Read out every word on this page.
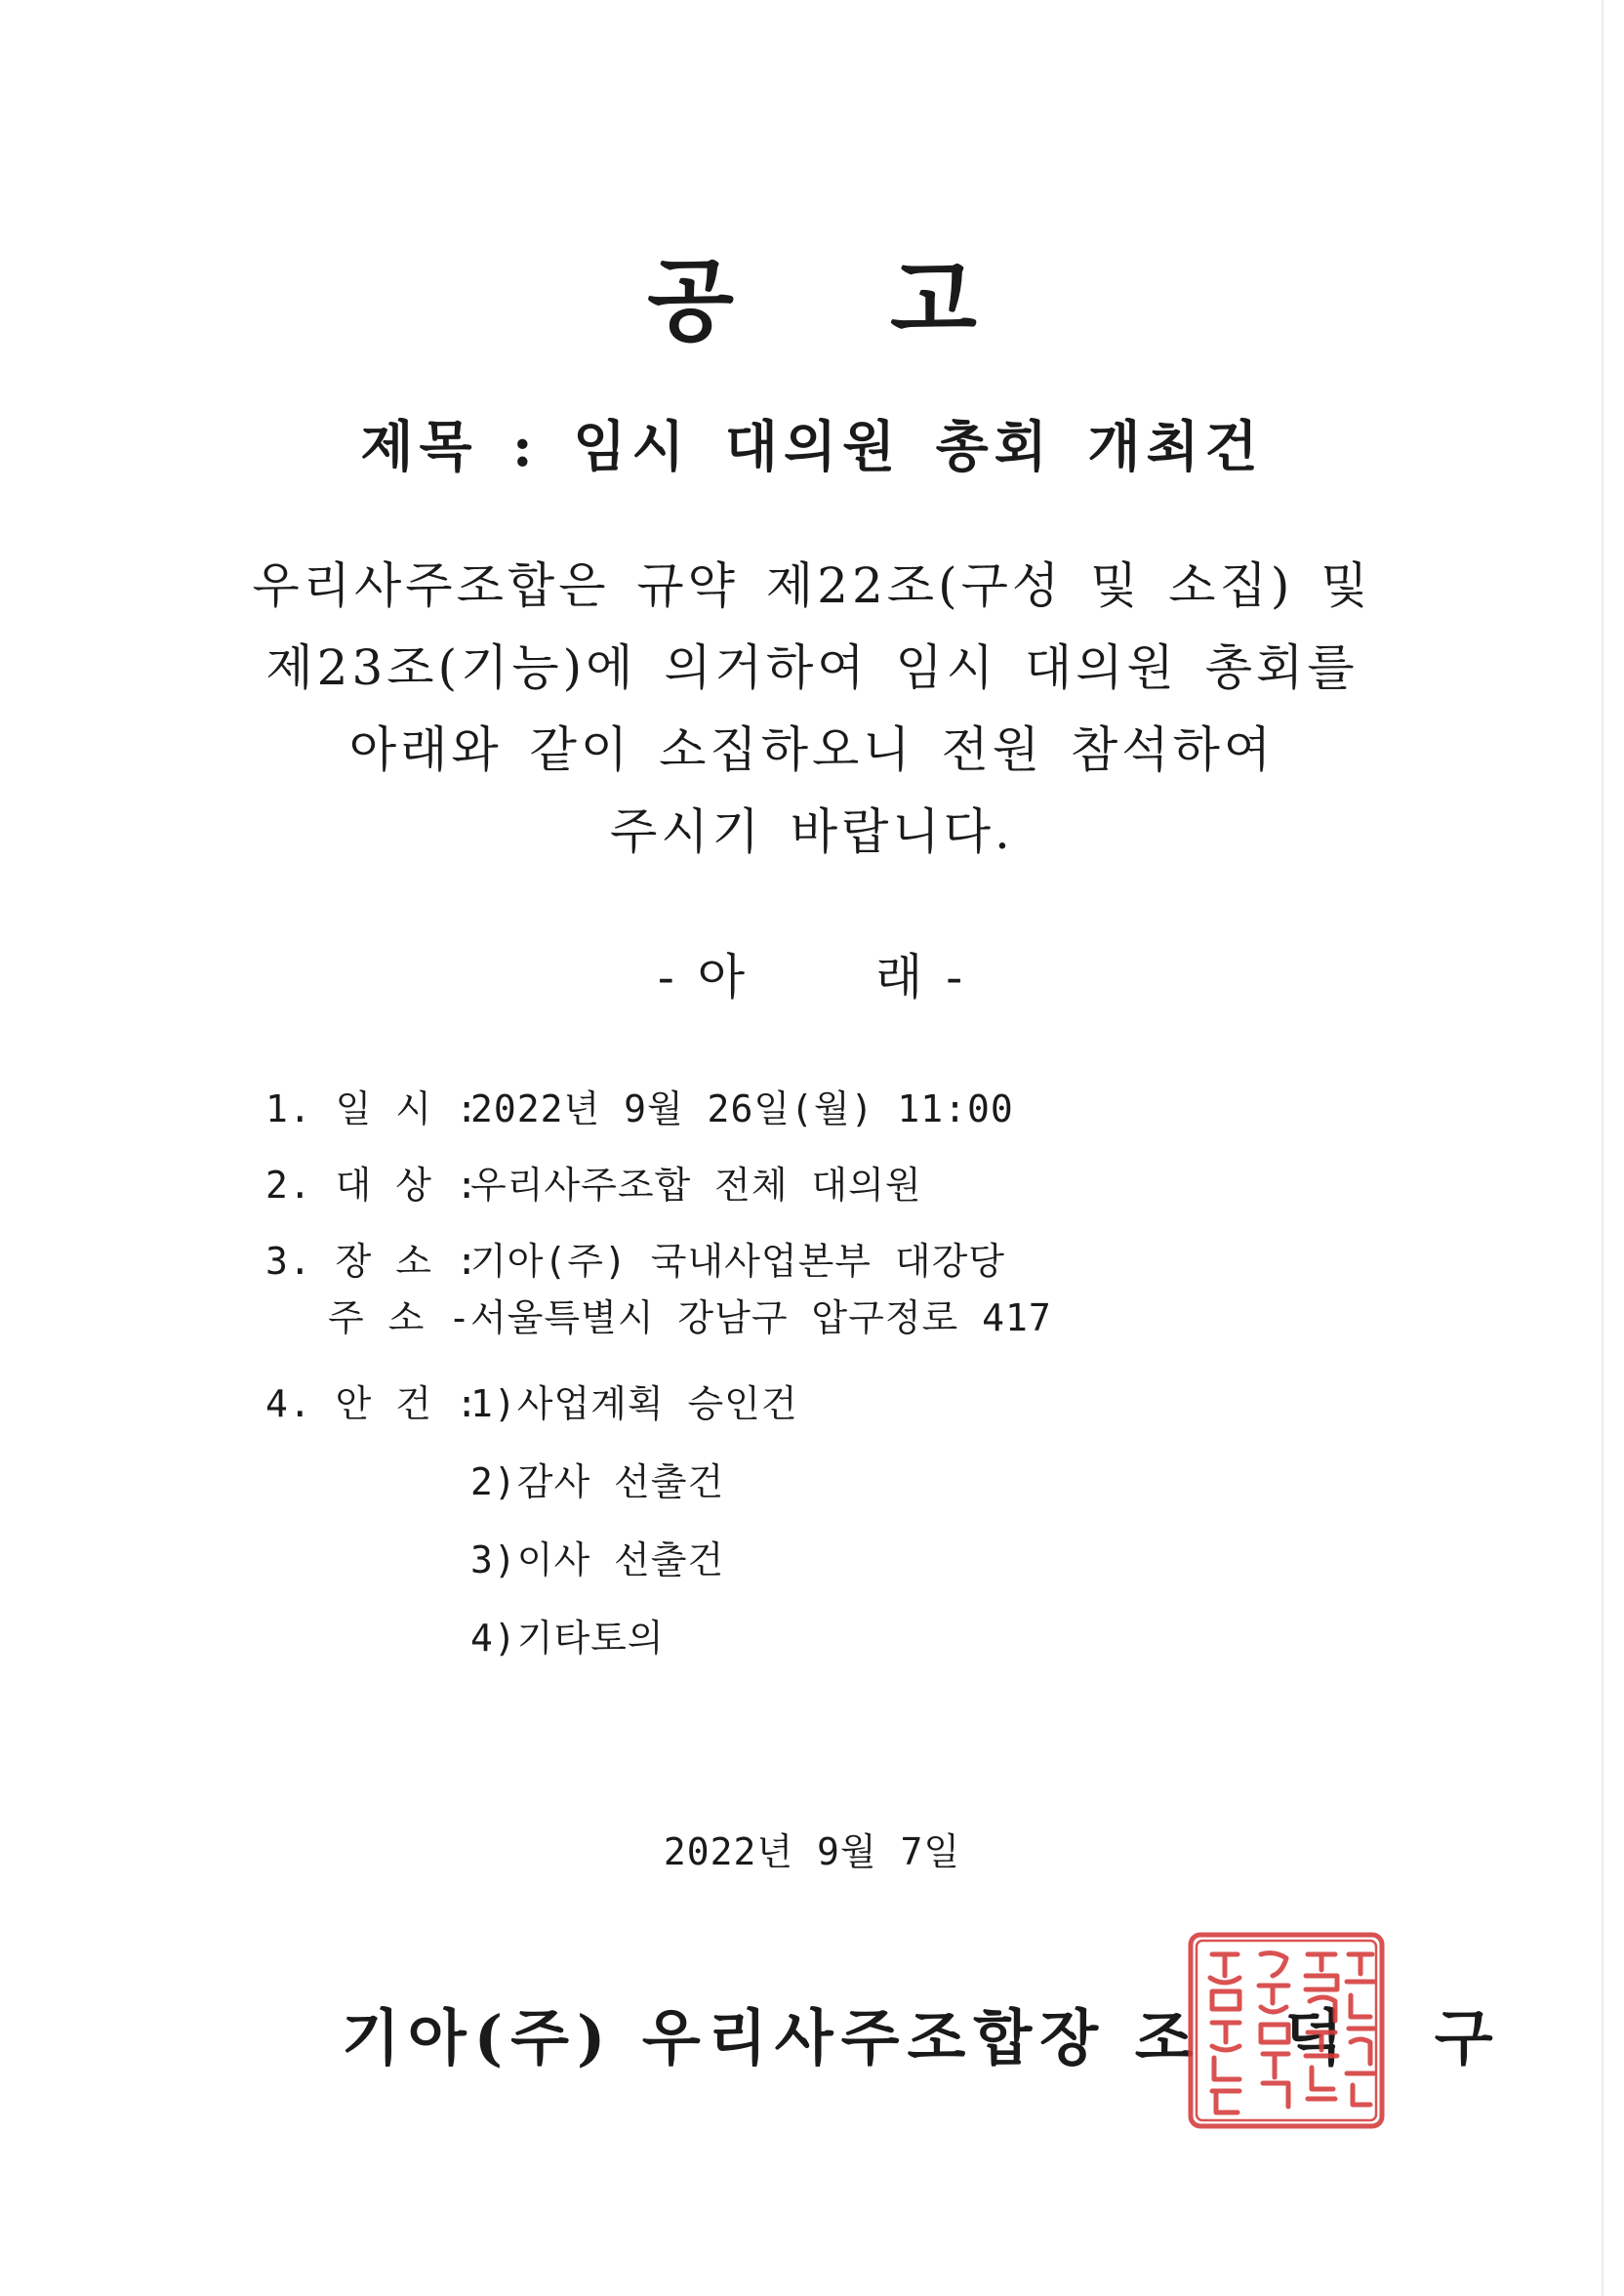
공 고
제목 : 임시 대의원 총회 개최건
우리사주조합은 규약 제22조(구성 및 소집) 및
제23조(기능)에 의거하여 임시 대의원 총회를
아래와 같이 소집하오니 전원 참석하여
주시기 바랍니다.
- 아	래 -
1. 일 시 :2022년 9월 26일(월) 11:00
2. 대 상 :우리사주조합 전체 대의원
3. 장 소 :기아(주) 국내사업본부 대강당
주 소 -서울특별시 강남구 압구정로 417
4. 안 건 :1)사업계획 승인건
2)감사 선출건
3)이사 선출건
4)기타토의
2022년 9월 7일
기아(주) 우리사주조합장 조 덕 구
기아(주)우리사주조합장인
